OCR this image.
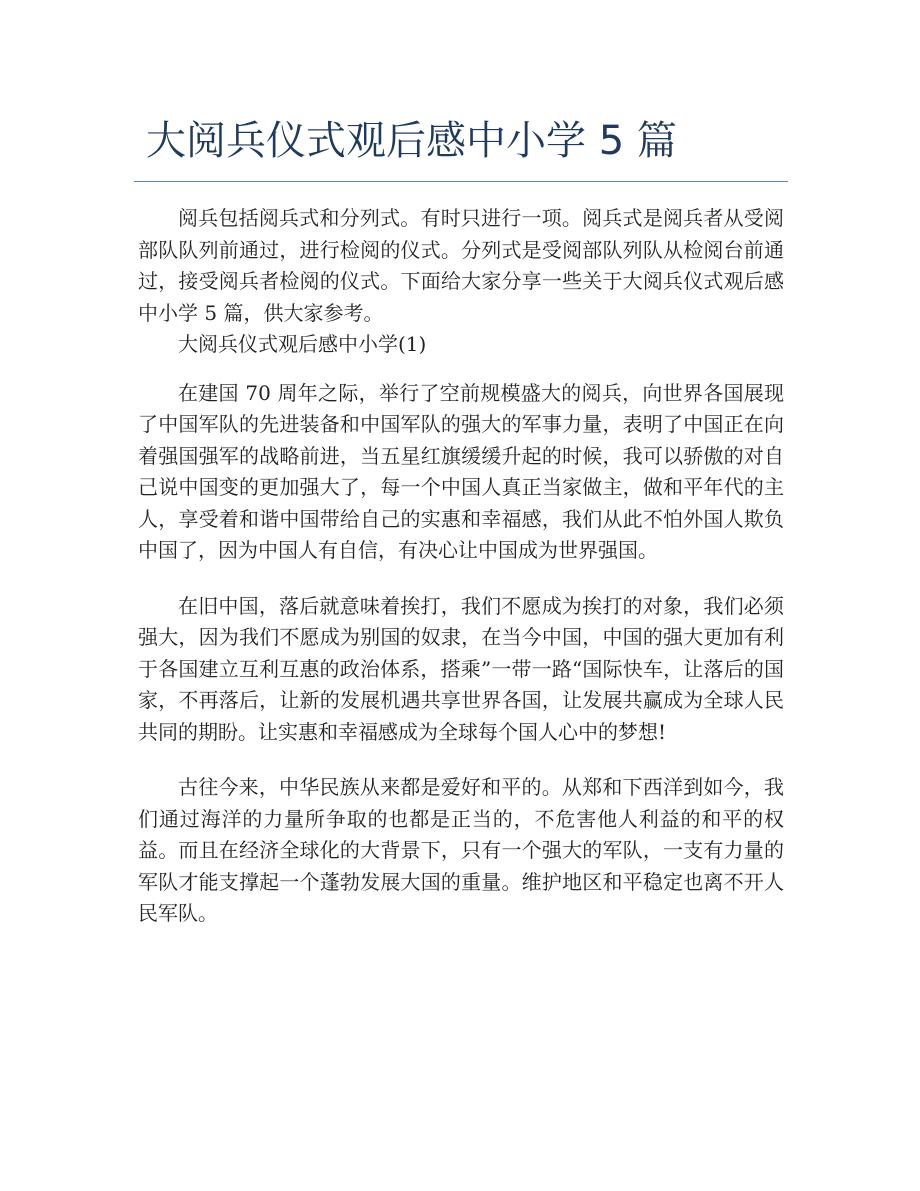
大阅兵仪式观后感中小学 5 篇

阅兵包括阅兵式和分列式。有时只进行一项。阅兵式是阅兵者从受阅部队队列前通过，进行检阅的仪式。分列式是受阅部队列队从检阅台前通过，接受阅兵者检阅的仪式。下面给大家分享一些关于大阅兵仪式观后感中小学 5 篇，供大家参考。

大阅兵仪式观后感中小学(1)

在建国 70 周年之际，举行了空前规模盛大的阅兵，向世界各国展现了中国军队的先进装备和中国军队的强大的军事力量，表明了中国正在向着强国强军的战略前进，当五星红旗缓缓升起的时候，我可以骄傲的对自己说中国变的更加强大了，每一个中国人真正当家做主，做和平年代的主人，享受着和谐中国带给自己的实惠和幸福感，我们从此不怕外国人欺负中国了，因为中国人有自信，有决心让中国成为世界强国。

在旧中国，落后就意味着挨打，我们不愿成为挨打的对象，我们必须强大，因为我们不愿成为别国的奴隶，在当今中国，中国的强大更加有利于各国建立互利互惠的政治体系，搭乘”一带一路“国际快车，让落后的国家，不再落后，让新的发展机遇共享世界各国，让发展共赢成为全球人民共同的期盼。让实惠和幸福感成为全球每个国人心中的梦想!

古往今来，中华民族从来都是爱好和平的。从郑和下西洋到如今，我们通过海洋的力量所争取的也都是正当的，不危害他人利益的和平的权益。而且在经济全球化的大背景下，只有一个强大的军队，一支有力量的军队才能支撑起一个蓬勃发展大国的重量。维护地区和平稳定也离不开人民军队。
